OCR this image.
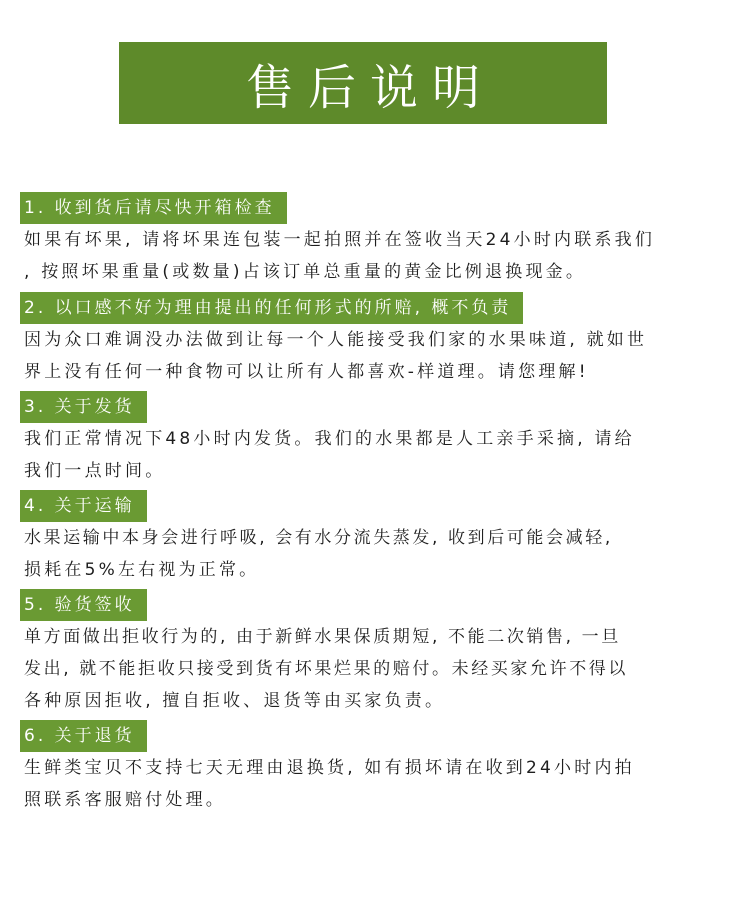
售后说明
1. 收到货后请尽快开箱检查
如果有坏果, 请将坏果连包装一起拍照并在签收当天24小时内联系我们
, 按照坏果重量(或数量)占该订单总重量的黄金比例退换现金。
2. 以口感不好为理由提出的任何形式的所赔, 概不负责
因为众口难调没办法做到让每一个人能接受我们家的水果味道, 就如世
界上没有任何一种食物可以让所有人都喜欢-样道理。请您理解!
3. 关于发货
我们正常情况下48小时内发货。我们的水果都是人工亲手采摘, 请给
我们一点时间。
4. 关于运输
水果运输中本身会进行呼吸, 会有水分流失蒸发, 收到后可能会减轻,
损耗在5%左右视为正常。
5. 验货签收
单方面做出拒收行为的, 由于新鲜水果保质期短, 不能二次销售, 一旦
发出, 就不能拒收只接受到货有坏果烂果的赔付。未经买家允许不得以
各种原因拒收, 擅自拒收、退货等由买家负责。
6. 关于退货
生鲜类宝贝不支持七天无理由退换货, 如有损坏请在收到24小时内拍
照联系客服赔付处理。
